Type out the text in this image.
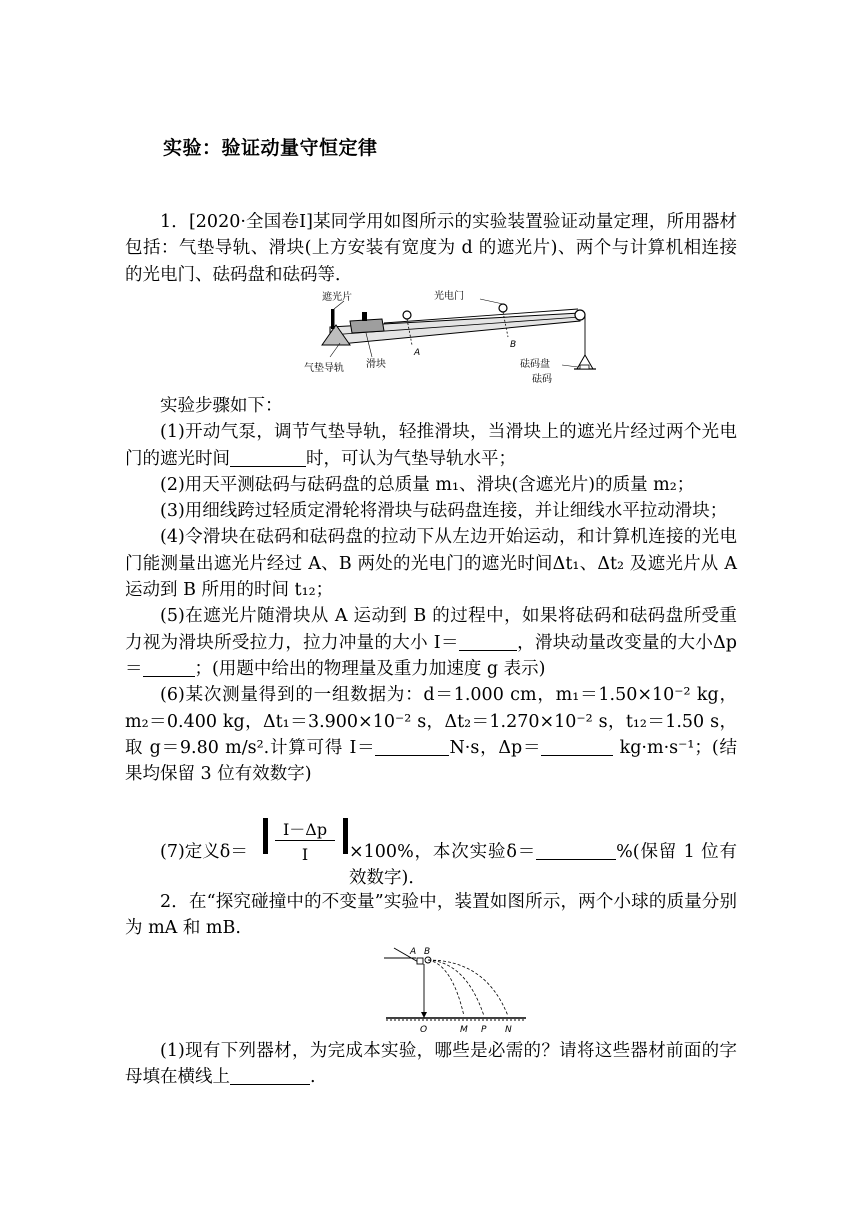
实验：验证动量守恒定律

1．[2020·全国卷Ⅰ]某同学用如图所示的实验装置验证动量定理，所用器材包括：气垫导轨、滑块(上方安装有宽度为 d 的遮光片)、两个与计算机相连接的光电门、砝码盘和砝码等．

遮光片	光电门
气垫导轨 滑块
A
B
砝码盘
砝码

实验步骤如下：

(1)开动气泵，调节气垫导轨，轻推滑块，当滑块上的遮光片经过两个光电门的遮光时间	时，可认为气垫导轨水平；

(2)用天平测砝码与砝码盘的总质量 m₁、滑块(含遮光片)的质量 m₂；

(3)用细线跨过轻质定滑轮将滑块与砝码盘连接，并让细线水平拉动滑块；

(4)令滑块在砝码和砝码盘的拉动下从左边开始运动，和计算机连接的光电门能测量出遮光片经过 A、B 两处的光电门的遮光时间Δt₁、Δt₂ 及遮光片从 A 运动到 B 所用的时间 t₁₂；

(5)在遮光片随滑块从 A 运动到 B 的过程中，如果将砝码和砝码盘所受重力视为滑块所受拉力，拉力冲量的大小 I＝	，滑块动量改变量的大小Δp＝	；(用题中给出的物理量及重力加速度 g 表示)

(6)某次测量得到的一组数据为：d＝1.000 cm，m₁＝1.50×10⁻² kg，m₂＝0.400 kg，Δt₁＝3.900×10⁻² s，Δt₂＝1.270×10⁻² s，t₁₂＝1.50 s，取 g＝9.80 m/s².计算可得 I＝	N·s，Δp＝	kg·m·s⁻¹；(结果均保留 3 位有效数字)

(7)定义δ＝
I－Δp
I	×100%，本次实验δ＝	%(保留 1 位有效数字)．

2．在“探究碰撞中的不变量”实验中，装置如图所示，两个小球的质量分别为 mA 和 mB.

A B
O	M P N

(1)现有下列器材，为完成本实验，哪些是必需的？请将这些器材前面的字母填在横线上	.
